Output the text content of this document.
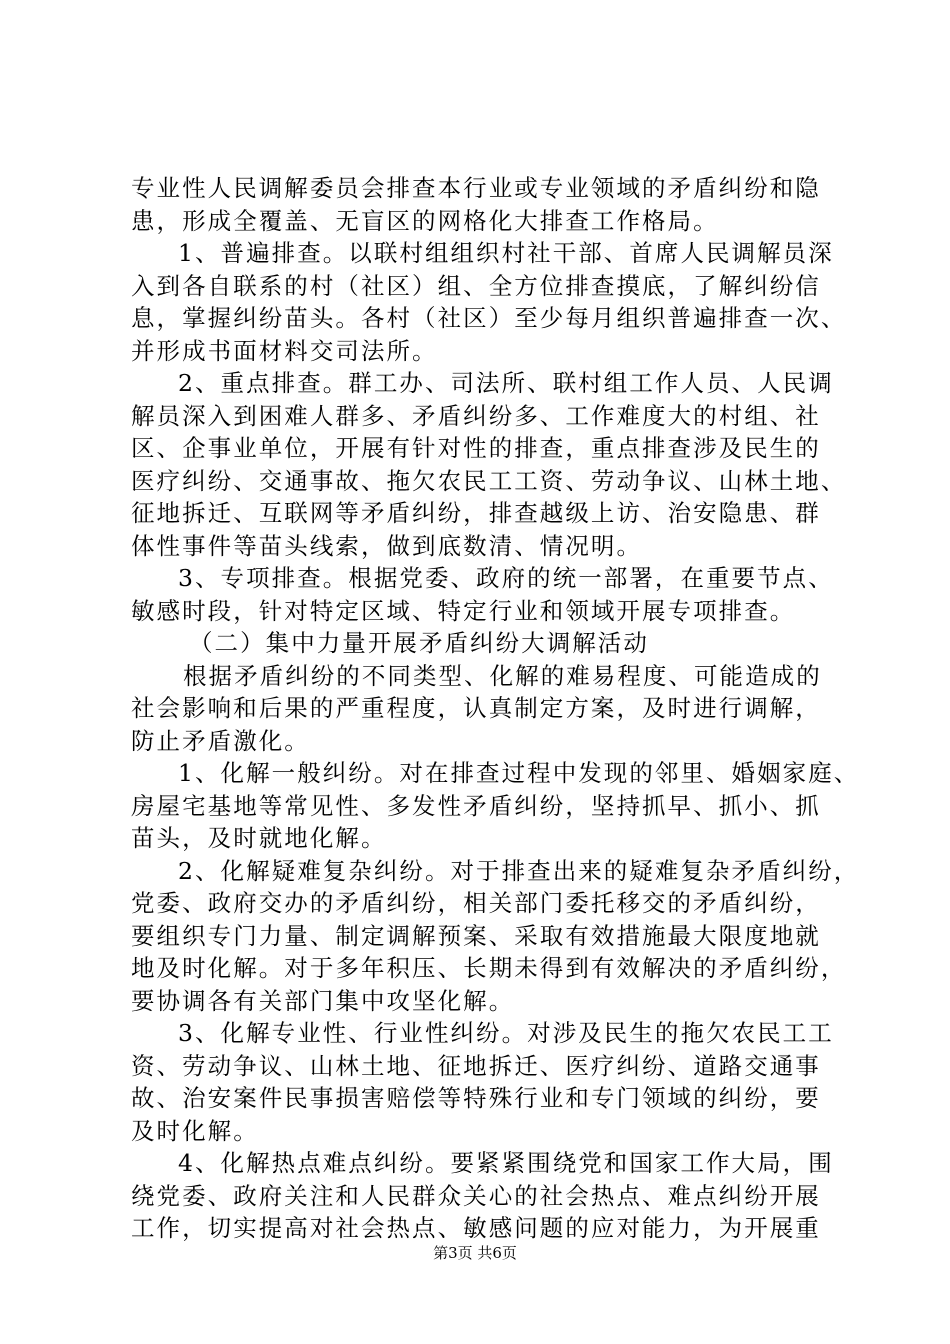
专业性人民调解委员会排查本行业或专业领域的矛盾纠纷和隐
患，形成全覆盖、无盲区的网格化大排查工作格局。
1、普遍排查。以联村组组织村社干部、首席人民调解员深
入到各自联系的村（社区）组、全方位排查摸底，了解纠纷信
息，掌握纠纷苗头。各村（社区）至少每月组织普遍排查一次、
并形成书面材料交司法所。
2、重点排查。群工办、司法所、联村组工作人员、人民调
解员深入到困难人群多、矛盾纠纷多、工作难度大的村组、社
区、企事业单位，开展有针对性的排查，重点排查涉及民生的
医疗纠纷、交通事故、拖欠农民工工资、劳动争议、山林土地、
征地拆迁、互联网等矛盾纠纷，排查越级上访、治安隐患、群
体性事件等苗头线索，做到底数清、情况明。
3、专项排查。根据党委、政府的统一部署，在重要节点、
敏感时段，针对特定区域、特定行业和领域开展专项排查。
（二）集中力量开展矛盾纠纷大调解活动
根据矛盾纠纷的不同类型、化解的难易程度、可能造成的
社会影响和后果的严重程度，认真制定方案，及时进行调解，
防止矛盾激化。
1、化解一般纠纷。对在排查过程中发现的邻里、婚姻家庭、
房屋宅基地等常见性、多发性矛盾纠纷，坚持抓早、抓小、抓
苗头，及时就地化解。
2、化解疑难复杂纠纷。对于排查出来的疑难复杂矛盾纠纷，
党委、政府交办的矛盾纠纷，相关部门委托移交的矛盾纠纷，
要组织专门力量、制定调解预案、采取有效措施最大限度地就
地及时化解。对于多年积压、长期未得到有效解决的矛盾纠纷，
要协调各有关部门集中攻坚化解。
3、化解专业性、行业性纠纷。对涉及民生的拖欠农民工工
资、劳动争议、山林土地、征地拆迁、医疗纠纷、道路交通事
故、治安案件民事损害赔偿等特殊行业和专门领域的纠纷，要
及时化解。
4、化解热点难点纠纷。要紧紧围绕党和国家工作大局，围
绕党委、政府关注和人民群众关心的社会热点、难点纠纷开展
工作，切实提高对社会热点、敏感问题的应对能力，为开展重
第3页 共6页
